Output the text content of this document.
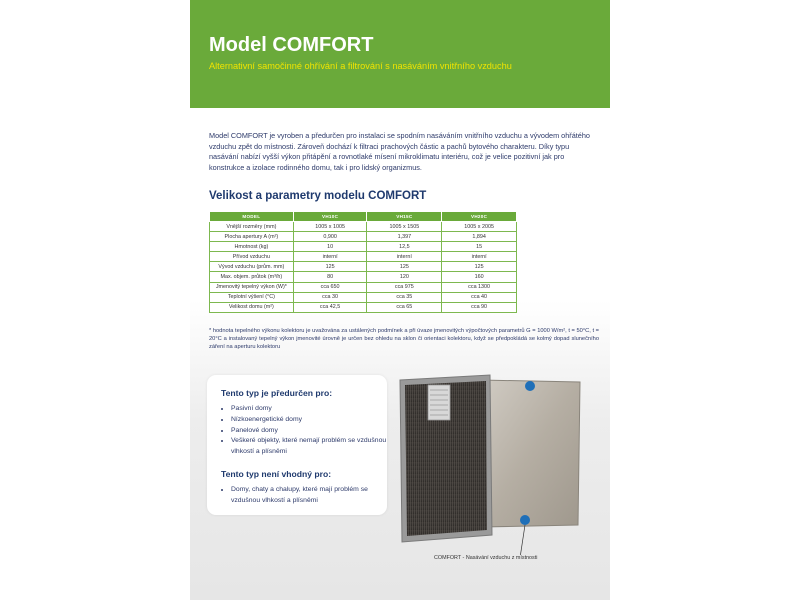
Model COMFORT
Alternativní samočinné ohřívání a filtrování s nasáváním vnitřního vzduchu

Model COMFORT je vyroben a předurčen pro instalaci se spodním nasáváním vnitřního vzduchu a vývodem ohřátého vzduchu zpět do místnosti. Zároveň dochází k filtraci prachových částic a pachů bytového charakteru. Díky typu nasávání nabízí vyšší výkon přitápění a rovnotlaké mísení mikroklimatu interiéru, což je velice pozitivní jak pro konstrukce a izolace rodinného domu, tak i pro lidský organizmus.

Velikost a parametry modelu COMFORT
MODEL	VH10C	VH15C	VH20C
Vnější rozměry (mm)	1005 x 1005	1005 x 1505	1005 x 2005
Plocha apertury A (m²)	0,900	1,397	1,894
Hmotnost (kg)	10	12,5	15
Přívod vzduchu	interní	interní	interní
Vývod vzduchu (prům. mm)	125	125	125
Max. objem. průtok (m³/h)	80	120	160
Jmenovitý tepelný výkon (W)*	cca 650	cca 975	cca 1300
Teplotní výšení (°C)	cca 30	cca 35	cca 40
Velikost domu (m²)	cca 42,5	cca 65	cca 90

* hodnota tepelného výkonu kolektoru je uvažována za ustálených podmínek a při úvaze jmenovitých výpočtových parametrů G = 1000 W/m², t = 50°C, t = 20°C a instalovaný tepelný výkon jmenovité úrovně je určen bez ohledu na sklon či orientaci kolektoru, když se předpokládá se kolmý dopad slunečního záření na aperturu kolektoru

Tento typ je předurčen pro:
• Pasivní domy
• Nízkoenergetické domy
• Panelové domy
• Veškeré objekty, které nemají problém se vzdušnou vlhkostí a plísněmi
Tento typ není vhodný pro:
• Domy, chaty a chalupy, které mají problém se vzdušnou vlhkostí a plísněmi
COMFORT - Nasávání vzduchu z místnosti
